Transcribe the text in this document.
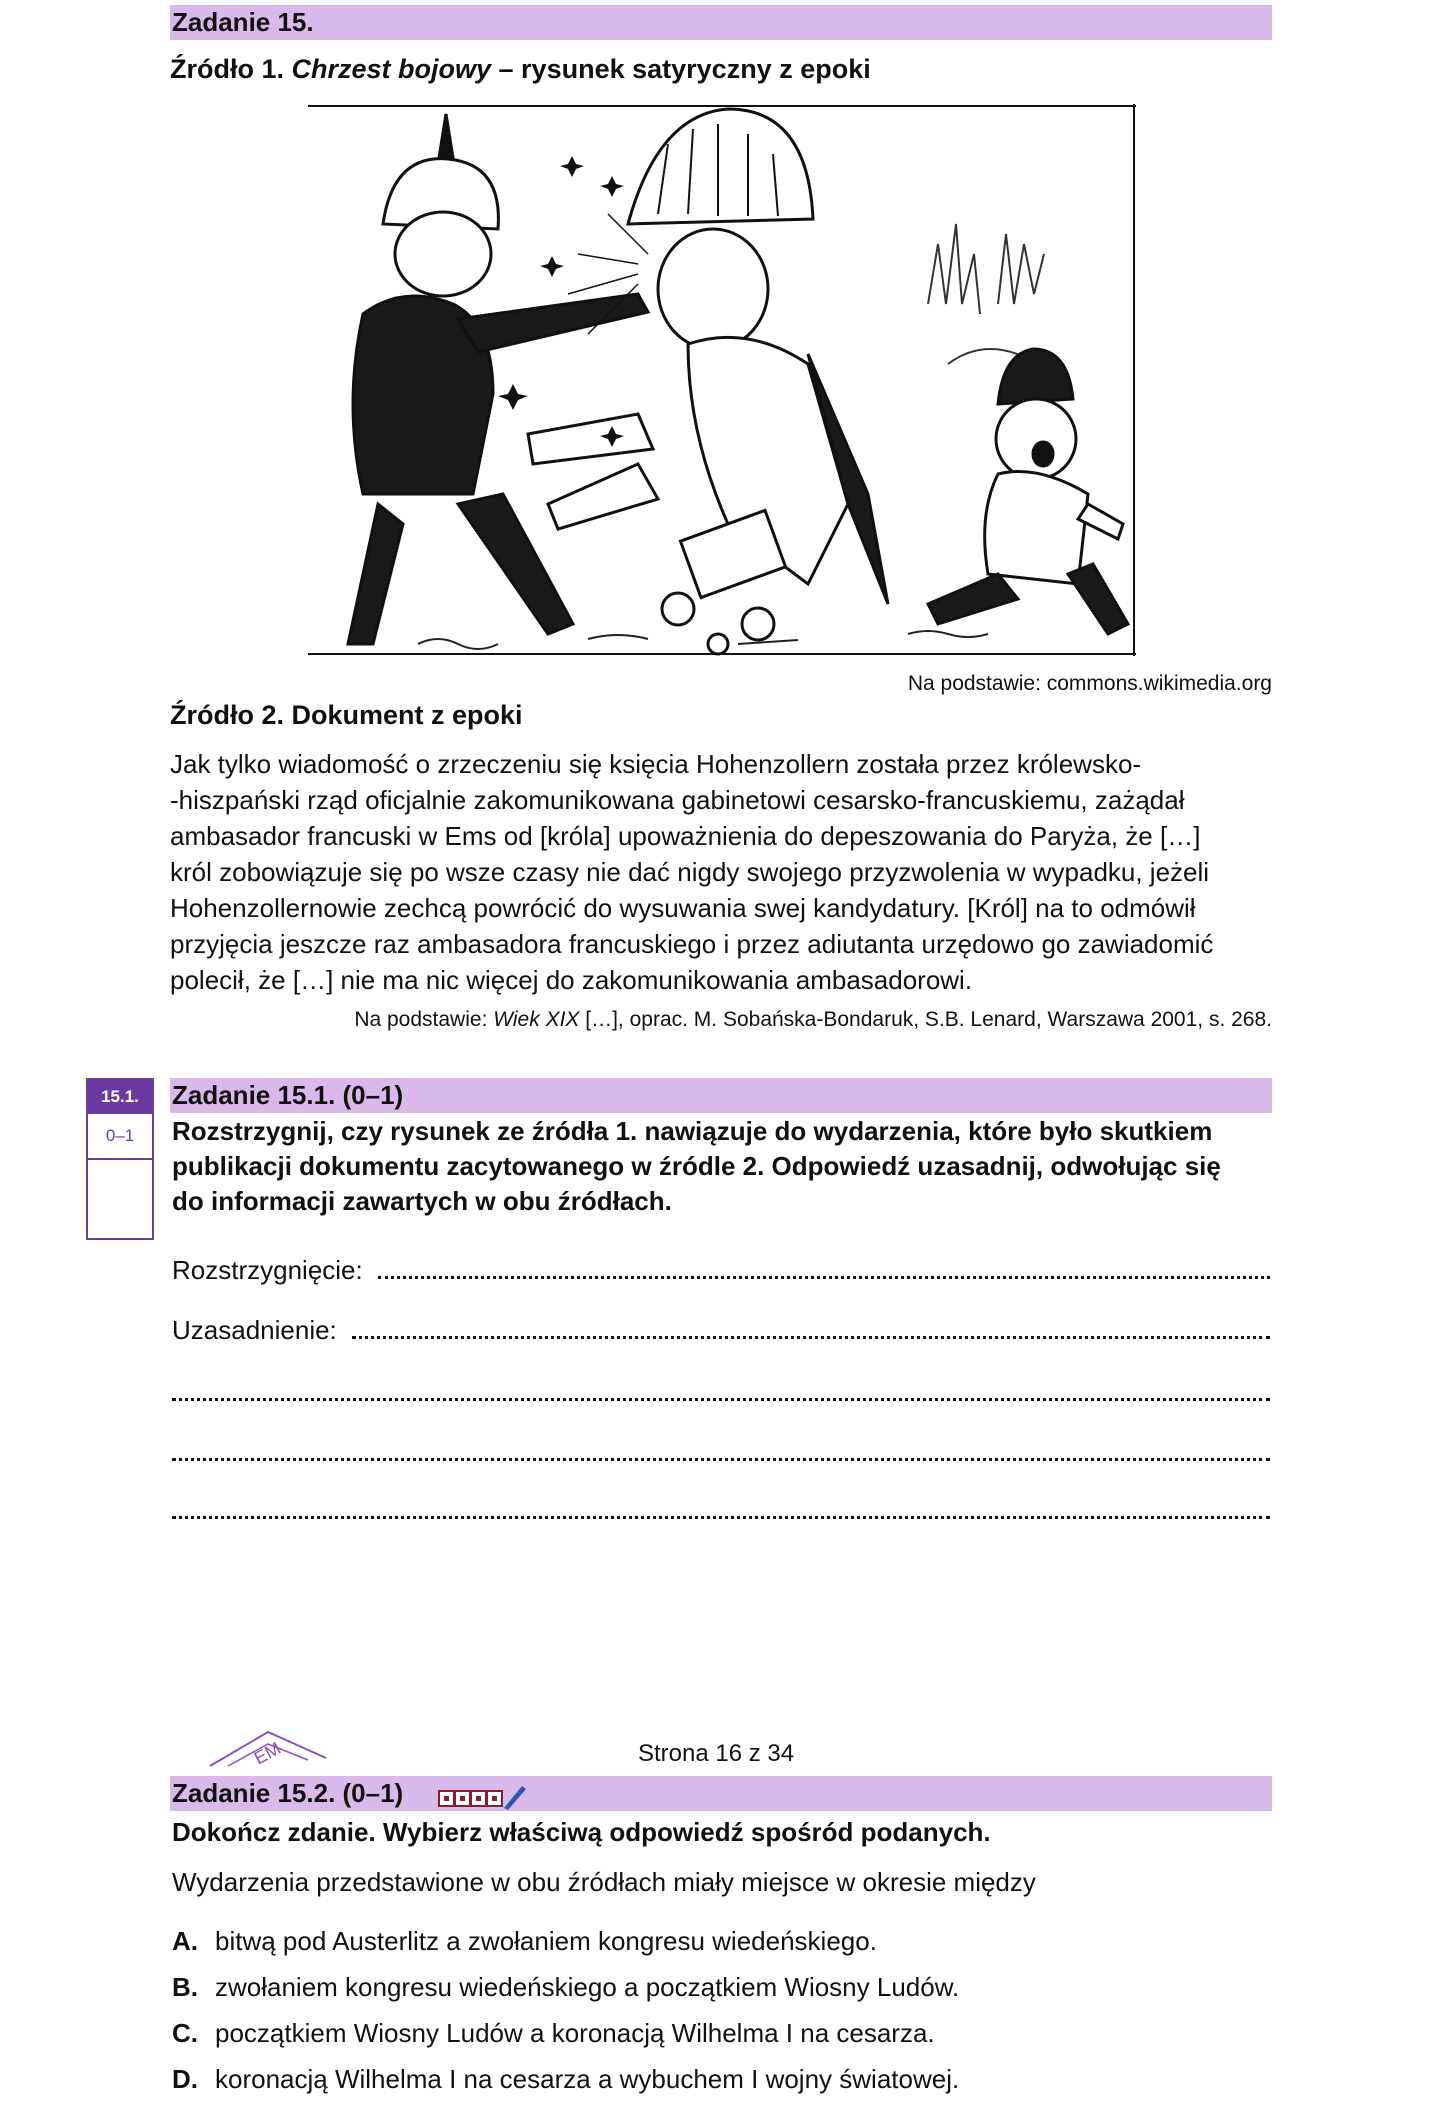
Zadanie 15.
Źródło 1. Chrzest bojowy – rysunek satyryczny z epoki
Na podstawie: commons.wikimedia.org
Źródło 2. Dokument z epoki
Jak tylko wiadomość o zrzeczeniu się księcia Hohenzollern została przez królewsko-
-hiszpański rząd oficjalnie zakomunikowana gabinetowi cesarsko-francuskiemu, zażądał
ambasador francuski w Ems od [króla] upoważnienia do depeszowania do Paryża, że […]
król zobowiązuje się po wsze czasy nie dać nigdy swojego przyzwolenia w wypadku, jeżeli
Hohenzollernowie zechcą powrócić do wysuwania swej kandydatury. [Król] na to odmówił
przyjęcia jeszcze raz ambasadora francuskiego i przez adiutanta urzędowo go zawiadomić
polecił, że […] nie ma nic więcej do zakomunikowania ambasadorowi.
Na podstawie: Wiek XIX […], oprac. M. Sobańska-Bondaruk, S.B. Lenard, Warszawa 2001, s. 268.
15.1.
0–1
Zadanie 15.1. (0–1)
Rozstrzygnij, czy rysunek ze źródła 1. nawiązuje do wydarzenia, które było skutkiem
publikacji dokumentu zacytowanego w źródle 2. Odpowiedź uzasadnij, odwołując się
do informacji zawartych w obu źródłach.
Rozstrzygnięcie:
Uzasadnienie:
EM	Strona 16 z 34
Zadanie 15.2. (0–1)
Dokończ zdanie. Wybierz właściwą odpowiedź spośród podanych.
Wydarzenia przedstawione w obu źródłach miały miejsce w okresie między
A. bitwą pod Austerlitz a zwołaniem kongresu wiedeńskiego.
B. zwołaniem kongresu wiedeńskiego a początkiem Wiosny Ludów.
C. początkiem Wiosny Ludów a koronacją Wilhelma I na cesarza.
D. koronacją Wilhelma I na cesarza a wybuchem I wojny światowej.
